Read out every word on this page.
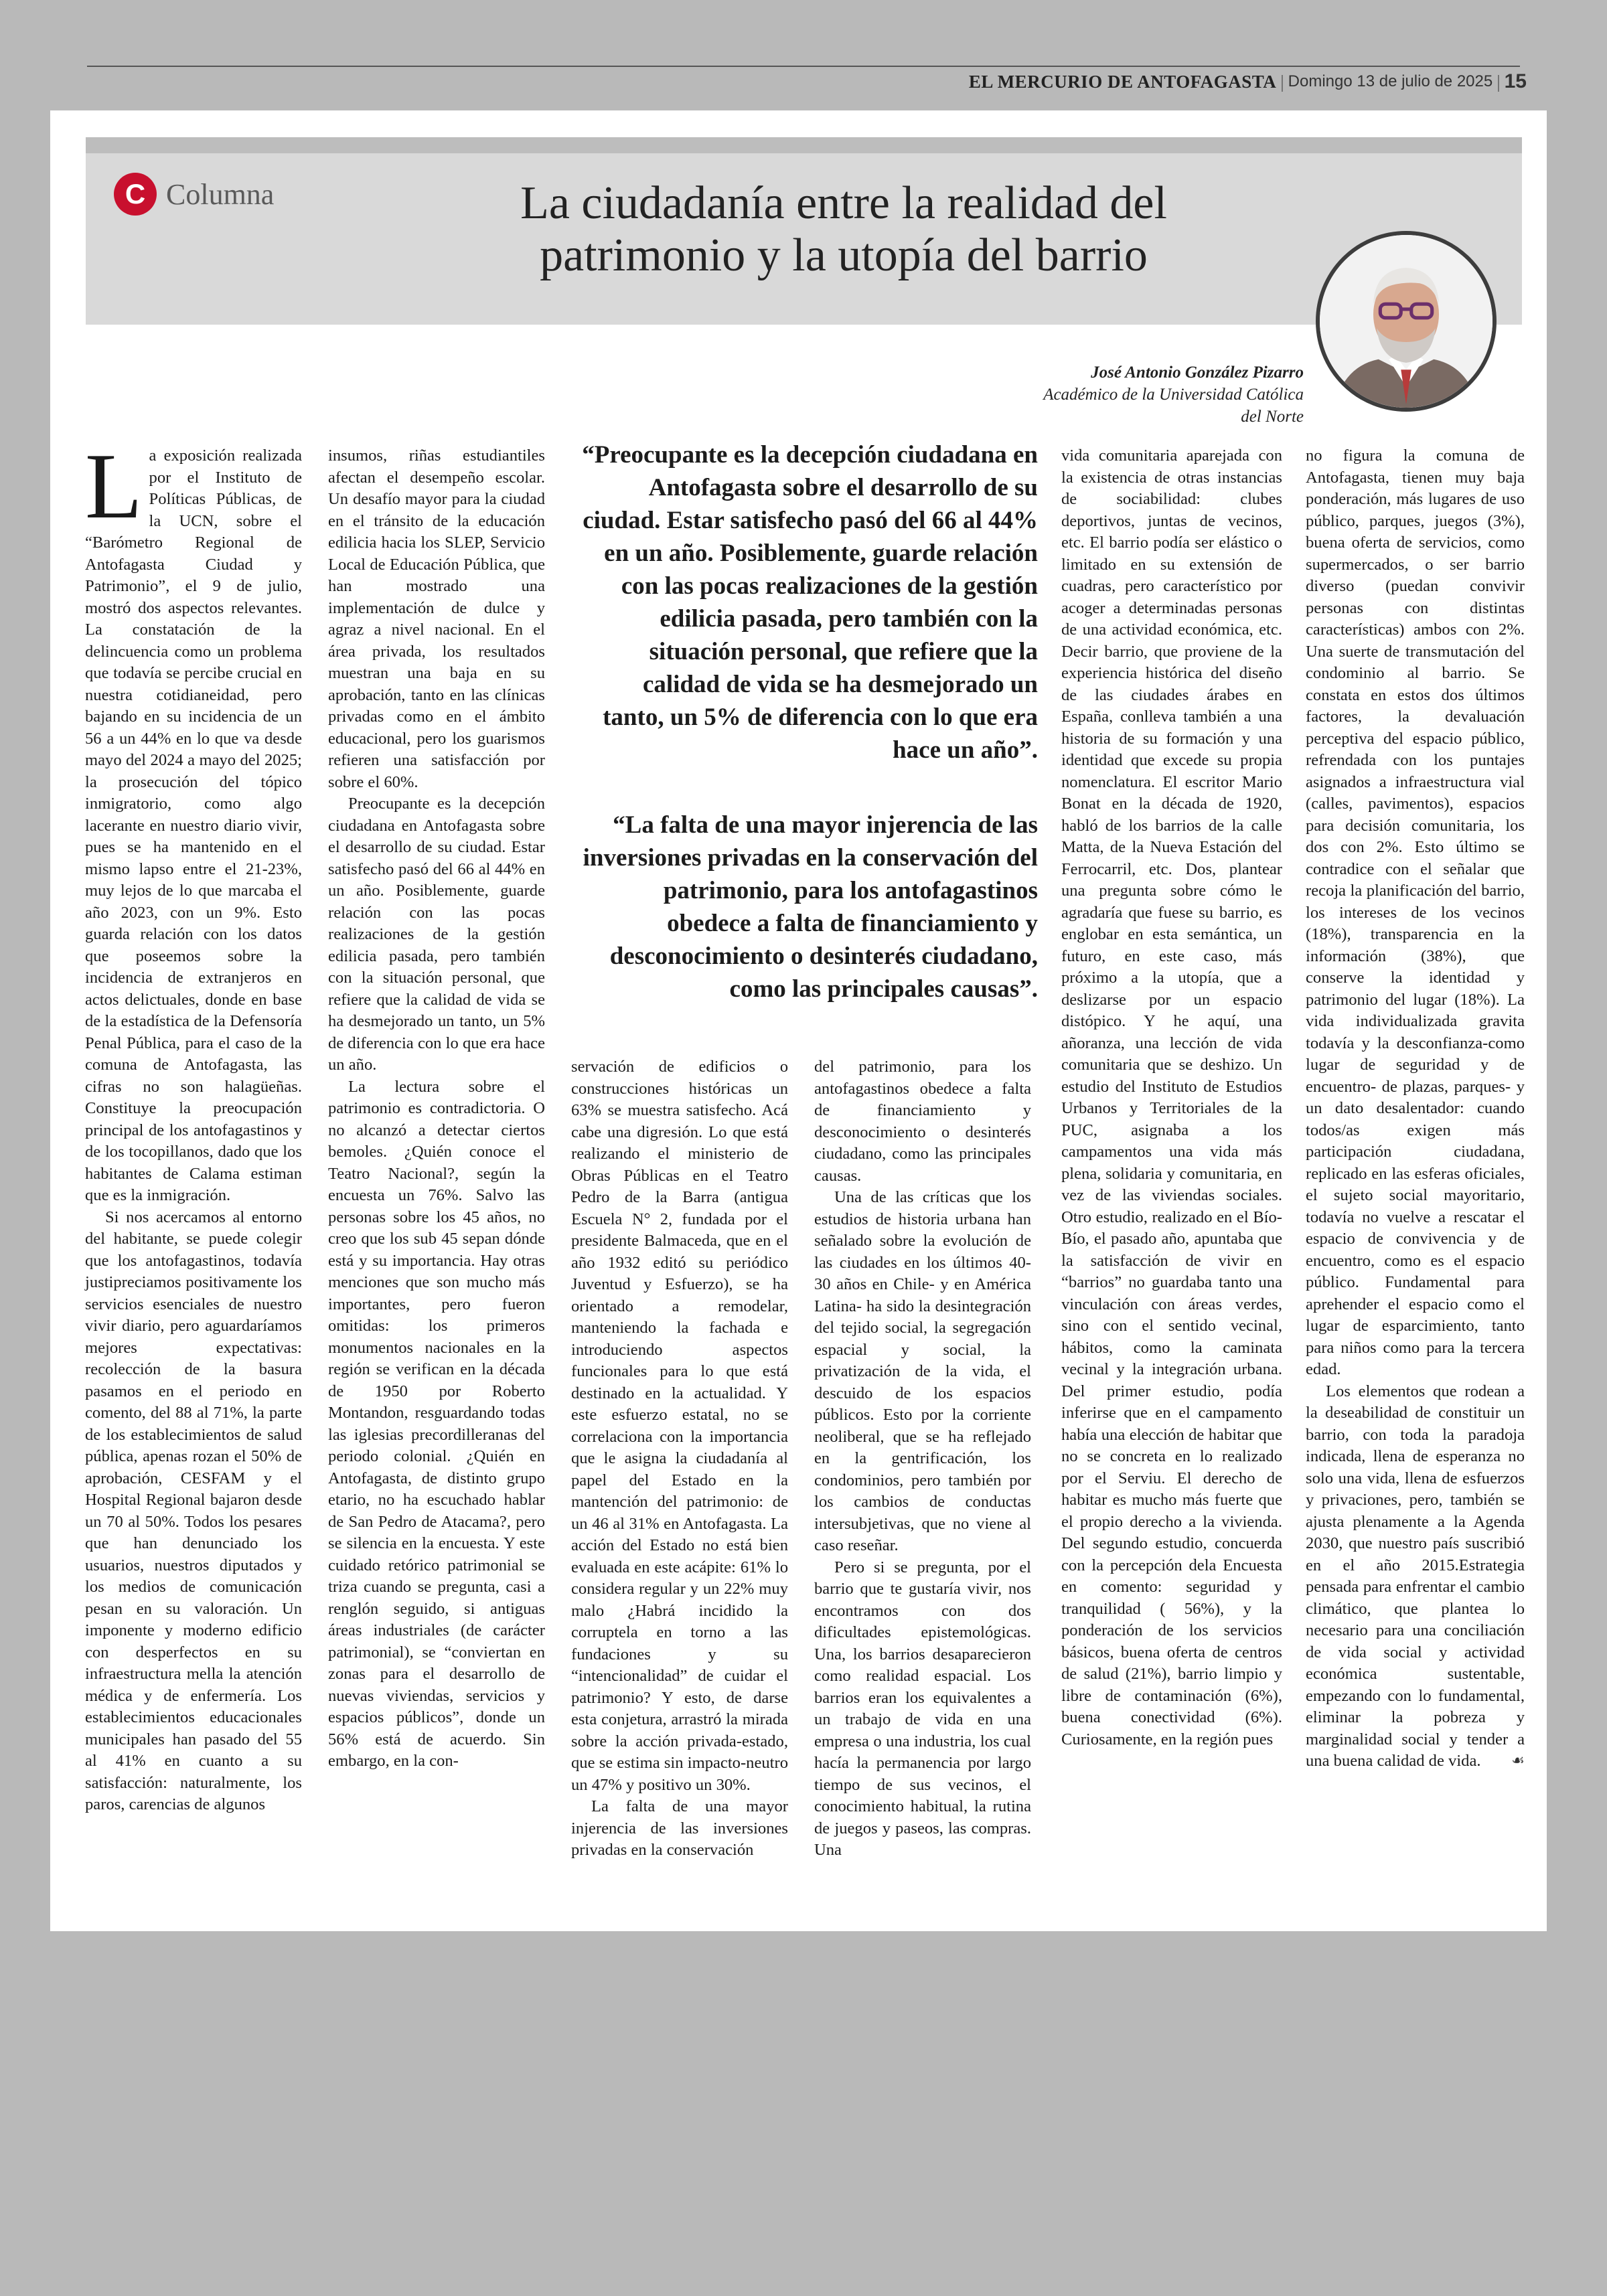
EL MERCURIO DE ANTOFAGASTA | Domingo 13 de julio de 2025 | 15
C Columna	La ciudadanía entre la realidad del
patrimonio y la utopía del barrio
José Antonio González Pizarro
Académico de la Universidad Católica
del Norte

La exposición realizada por el Instituto de Políticas Públicas, de la UCN, sobre el “Barómetro Regional de Antofagasta Ciudad y Patrimonio”, el 9 de julio, mostró dos aspectos relevantes. La constatación de la delincuencia como un problema que todavía se percibe crucial en nuestra cotidianeidad, pero bajando en su incidencia de un 56 a un 44% en lo que va desde mayo del 2024 a mayo del 2025; la prosecución del tópico inmigratorio, como algo lacerante en nuestro diario vivir, pues se ha mantenido en el mismo lapso entre el 21-23%, muy lejos de lo que marcaba el año 2023, con un 9%. Esto guarda relación con los datos que poseemos sobre la incidencia de extranjeros en actos delictuales, donde en base de la estadística de la Defensoría Penal Pública, para el caso de la comuna de Antofagasta, las cifras no son halagüeñas. Constituye la preocupación principal de los antofagastinos y de los tocopillanos, dado que los habitantes de Calama estiman que es la inmigración.

Si nos acercamos al entorno del habitante, se puede colegir que los antofagastinos, todavía justipreciamos positivamente los servicios esenciales de nuestro vivir diario, pero aguardaríamos mejores expectativas: recolección de la basura pasamos en el periodo en comento, del 88 al 71%, la parte de los establecimientos de salud pública, apenas rozan el 50% de aprobación, CESFAM y el Hospital Regional bajaron desde un 70 al 50%. Todos los pesares que han denunciado los usuarios, nuestros diputados y los medios de comunicación pesan en su valoración. Un imponente y moderno edificio con desperfectos en su infraestructura mella la atención médica y de enfermería. Los establecimientos educacionales municipales han pasado del 55 al 41% en cuanto a su satisfacción: naturalmente, los paros, carencias de algunos

insumos, riñas estudiantiles afectan el desempeño escolar. Un desafío mayor para la ciudad en el tránsito de la educación edilicia hacia los SLEP, Servicio Local de Educación Pública, que han mostrado una implementación de dulce y agraz a nivel nacional. En el área privada, los resultados muestran una baja en su aprobación, tanto en las clínicas privadas como en el ámbito educacional, pero los guarismos refieren una satisfacción por sobre el 60%.

Preocupante es la decepción ciudadana en Antofagasta sobre el desarrollo de su ciudad. Estar satisfecho pasó del 66 al 44% en un año. Posiblemente, guarde relación con las pocas realizaciones de la gestión edilicia pasada, pero también con la situación personal, que refiere que la calidad de vida se ha desmejorado un tanto, un 5% de diferencia con lo que era hace un año.

La lectura sobre el patrimonio es contradictoria. O no alcanzó a detectar ciertos bemoles. ¿Quién conoce el Teatro Nacional?, según la encuesta un 76%. Salvo las personas sobre los 45 años, no creo que los sub 45 sepan dónde está y su importancia. Hay otras menciones que son mucho más importantes, pero fueron omitidas: los primeros monumentos nacionales en la región se verifican en la década de 1950 por Roberto Montandon, resguardando todas las iglesias precordilleranas del periodo colonial. ¿Quién en Antofagasta, de distinto grupo etario, no ha escuchado hablar de San Pedro de Atacama?, pero se silencia en la encuesta. Y este cuidado retórico patrimonial se triza cuando se pregunta, casi a renglón seguido, si antiguas áreas industriales (de carácter patrimonial), se “conviertan en zonas para el desarrollo de nuevas viviendas, servicios y espacios públicos”, donde un 56% está de acuerdo. Sin embargo, en la con-

“Preocupante es la decepción ciudadana en Antofagasta sobre el desarrollo de su ciudad. Estar satisfecho pasó del 66 al 44% en un año. Posiblemente, guarde relación con las pocas realizaciones de la gestión edilicia pasada, pero también con la situación personal, que refiere que la calidad de vida se ha desmejorado un tanto, un 5% de diferencia con lo que era hace un año”.

“La falta de una mayor injerencia de las inversiones privadas en la conservación del patrimonio, para los antofagastinos obedece a falta de financiamiento y desconocimiento o desinterés ciudadano, como las principales causas”.

servación de edificios o construcciones históricas un 63% se muestra satisfecho. Acá cabe una digresión. Lo que está realizando el ministerio de Obras Públicas en el Teatro Pedro de la Barra (antigua Escuela N° 2, fundada por el presidente Balmaceda, que en el año 1932 editó su periódico Juventud y Esfuerzo), se ha orientado a remodelar, manteniendo la fachada e introduciendo aspectos funcionales para lo que está destinado en la actualidad. Y este esfuerzo estatal, no se correlaciona con la importancia que le asigna la ciudadanía al papel del Estado en la mantención del patrimonio: de un 46 al 31% en Antofagasta. La acción del Estado no está bien evaluada en este acápite: 61% lo considera regular y un 22% muy malo ¿Habrá incidido la corruptela en torno a las fundaciones y su “intencionalidad” de cuidar el patrimonio? Y esto, de darse esta conjetura, arrastró la mirada sobre la acción privada-estado, que se estima sin impacto-neutro un 47% y positivo un 30%.

La falta de una mayor injerencia de las inversiones privadas en la conservación

del patrimonio, para los antofagastinos obedece a falta de financiamiento y desconocimiento o desinterés ciudadano, como las principales causas.

Una de las críticas que los estudios de historia urbana han señalado sobre la evolución de las ciudades en los últimos 40-30 años en Chile- y en América Latina- ha sido la desintegración del tejido social, la segregación espacial y social, la privatización de la vida, el descuido de los espacios públicos. Esto por la corriente neoliberal, que se ha reflejado en la gentrificación, los condominios, pero también por los cambios de conductas intersubjetivas, que no viene al caso reseñar.

Pero si se pregunta, por el barrio que te gustaría vivir, nos encontramos con dos dificultades epistemológicas. Una, los barrios desaparecieron como realidad espacial. Los barrios eran los equivalentes a un trabajo de vida en una empresa o una industria, los cual hacía la permanencia por largo tiempo de sus vecinos, el conocimiento habitual, la rutina de juegos y paseos, las compras. Una

vida comunitaria aparejada con la existencia de otras instancias de sociabilidad: clubes deportivos, juntas de vecinos, etc. El barrio podía ser elástico o limitado en su extensión de cuadras, pero característico por acoger a determinadas personas de una actividad económica, etc. Decir barrio, que proviene de la experiencia histórica del diseño de las ciudades árabes en España, conlleva también a una historia de su formación y una identidad que excede su propia nomenclatura. El escritor Mario Bonat en la década de 1920, habló de los barrios de la calle Matta, de la Nueva Estación del Ferrocarril, etc. Dos, plantear una pregunta sobre cómo le agradaría que fuese su barrio, es englobar en esta semántica, un futuro, en este caso, más próximo a la utopía, que a deslizarse por un espacio distópico. Y he aquí, una añoranza, una lección de vida comunitaria que se deshizo. Un estudio del Instituto de Estudios Urbanos y Territoriales de la PUC, asignaba a los campamentos una vida más plena, solidaria y comunitaria, en vez de las viviendas sociales. Otro estudio, realizado en el Bío-Bío, el pasado año, apuntaba que la satisfacción de vivir en “barrios” no guardaba tanto una vinculación con áreas verdes, sino con el sentido vecinal, hábitos, como la caminata vecinal y la integración urbana. Del primer estudio, podía inferirse que en el campamento había una elección de habitar que no se concreta en lo realizado por el Serviu. El derecho de habitar es mucho más fuerte que el propio derecho a la vivienda. Del segundo estudio, concuerda con la percepción dela Encuesta en comento: seguridad y tranquilidad ( 56%), y la ponderación de los servicios básicos, buena oferta de centros de salud (21%), barrio limpio y libre de contaminación (6%), buena conectividad (6%). Curiosamente, en la región pues

no figura la comuna de Antofagasta, tienen muy baja ponderación, más lugares de uso público, parques, juegos (3%), buena oferta de servicios, como supermercados, o ser barrio diverso (puedan convivir personas con distintas características) ambos con 2%. Una suerte de transmutación del condominio al barrio. Se constata en estos dos últimos factores, la devaluación perceptiva del espacio público, refrendada con los puntajes asignados a infraestructura vial (calles, pavimentos), espacios para decisión comunitaria, los dos con 2%. Esto último se contradice con el señalar que recoja la planificación del barrio, los intereses de los vecinos (18%), transparencia en la información (38%), que conserve la identidad y patrimonio del lugar (18%). La vida individualizada gravita todavía y la desconfianza-como lugar de seguridad y de encuentro- de plazas, parques- y un dato desalentador: cuando todos/as exigen más participación ciudadana, replicado en las esferas oficiales, el sujeto social mayoritario, todavía no vuelve a rescatar el espacio de convivencia y de encuentro, como es el espacio público. Fundamental para aprehender el espacio como el lugar de esparcimiento, tanto para niños como para la tercera edad.

Los elementos que rodean a la deseabilidad de constituir un barrio, con toda la paradoja indicada, llena de esperanza no solo una vida, llena de esfuerzos y privaciones, pero, también se ajusta plenamente a la Agenda 2030, que nuestro país suscribió en el año 2015.Estrategia pensada para enfrentar el cambio climático, que plantea lo necesario para una conciliación de vida social y actividad económica sustentable, empezando con lo fundamental, eliminar la pobreza y marginalidad social y tender a una buena calidad de vida.	☙
